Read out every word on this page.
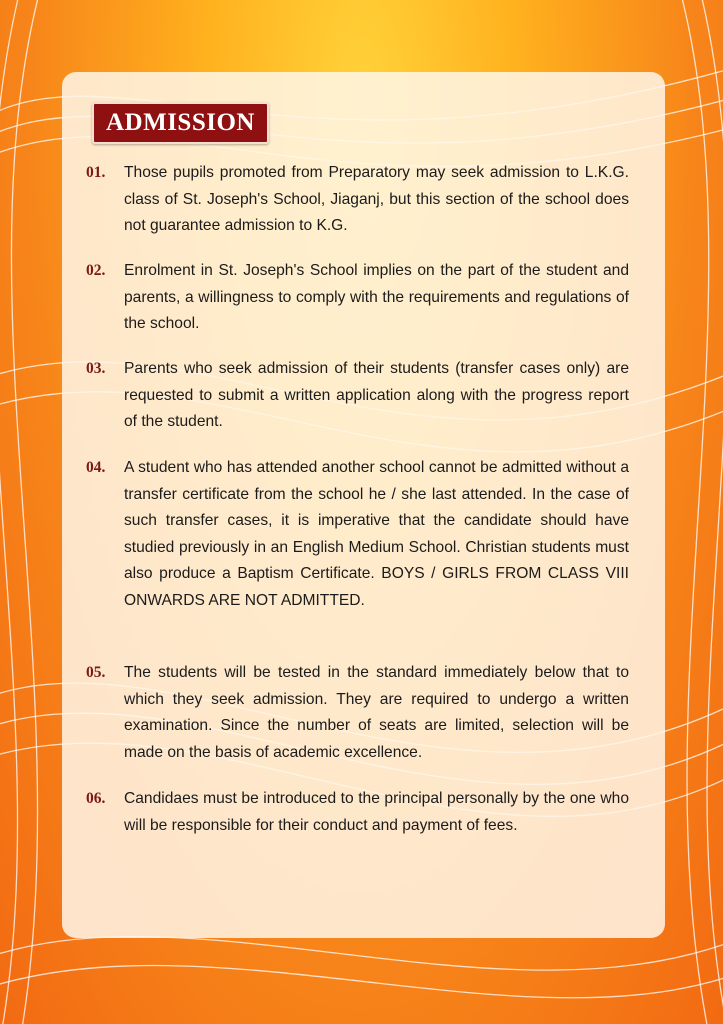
ADMISSION
01.	Those pupils promoted from Preparatory may seek admission to L.K.G. class of St. Joseph's School, Jiaganj, but this section of the school does not guarantee admission to K.G.
02.	Enrolment in St. Joseph's School implies on the part of the student and parents, a willingness to comply with the requirements and regulations of the school.
03.	Parents who seek admission of their students (transfer cases only) are requested to submit a written application along with the progress report of the student.
04.	A student who has attended another school cannot be admitted without a transfer certificate from the school he / she last attended. In the case of such transfer cases, it is imperative that the candidate should have studied previously in an English Medium School. Christian students must also produce a Baptism Certificate. BOYS / GIRLS FROM CLASS VIII ONWARDS ARE NOT ADMITTED.
05.	The students will be tested in the standard immediately below that to which they seek admission. They are required to undergo a written examination. Since the number of seats are limited, selection will be made on the basis of academic excellence.
06.	Candidaes must be introduced to the principal personally by the one who will be responsible for their conduct and payment of fees.
